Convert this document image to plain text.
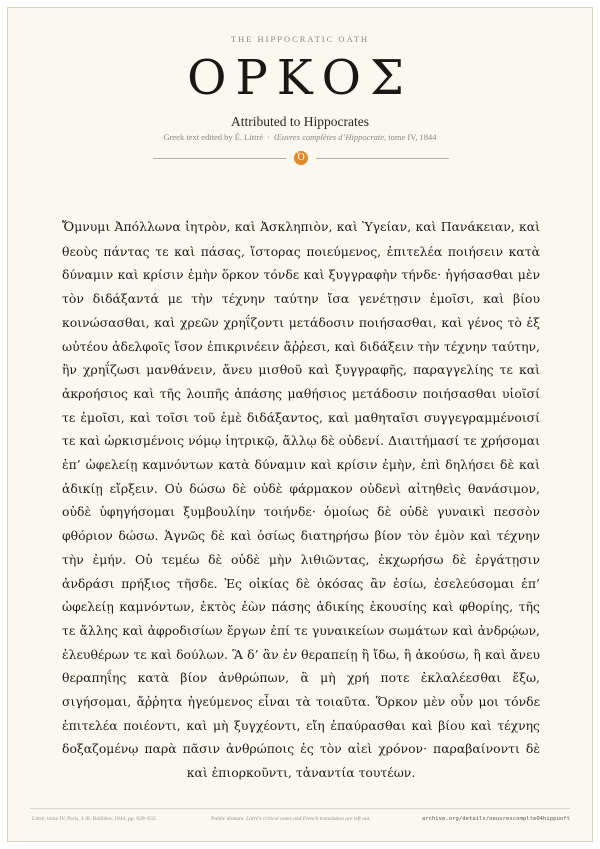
THE HIPPOCRATIC OATH
ΟΡΚΟΣ
Attributed to Hippocrates
Greek text edited by É. Littré · Œuvres complètes d’Hippocrate, tome IV, 1844
Ὁ
Ὄμνυμι Ἀπόλλωνα ἰητρὸν, καὶ Ἀσκληπιὸν, καὶ Ὑγείαν, καὶ Πανάκειαν, καὶ θεοὺς πάντας τε καὶ πάσας, ἵστορας ποιεύμενος, ἐπιτελέα ποιήσειν κατὰ δύναμιν καὶ κρίσιν ἐμὴν ὅρκον τόνδε καὶ ξυγγραφὴν τήνδε· ἡγήσασθαι μὲν τὸν διδάξαντά με τὴν τέχνην ταύτην ἴσα γενέτῃσιν ἐμοῖσι, καὶ βίου κοινώσασθαι, καὶ χρεῶν χρηΐζοντι μετάδοσιν ποιήσασθαι, καὶ γένος τὸ ἐξ ωὐτέου ἀδελφοῖς ἴσον ἐπικρινέειν ἄῤῥεσι, καὶ διδάξειν τὴν τέχνην ταύτην, ἢν χρηΐζωσι μανθάνειν, ἄνευ μισθοῦ καὶ ξυγγραφῆς, παραγγελίης τε καὶ ἀκροήσιος καὶ τῆς λοιπῆς ἁπάσης μαθήσιος μετάδοσιν ποιήσασθαι υἱοῖσί τε ἐμοῖσι, καὶ τοῖσι τοῦ ἐμὲ διδάξαντος, καὶ μαθηταῖσι συγγεγραμμένοισί τε καὶ ὡρκισμένοις νόμῳ ἰητρικῷ, ἄλλῳ δὲ οὐδενί. Διαιτήμασί τε χρήσομαι ἐπ’ ὠφελείῃ καμνόντων κατὰ δύναμιν καὶ κρίσιν ἐμὴν, ἐπὶ δηλήσει δὲ καὶ ἀδικίῃ εἴρξειν. Οὐ δώσω δὲ οὐδὲ φάρμακον οὐδενὶ αἰτηθεὶς θανάσιμον, οὐδὲ ὑφηγήσομαι ξυμβουλίην τοιήνδε· ὁμοίως δὲ οὐδὲ γυναικὶ πεσσὸν φθόριον δώσω. Ἁγνῶς δὲ καὶ ὁσίως διατηρήσω βίον τὸν ἐμὸν καὶ τέχνην τὴν ἐμήν. Οὐ τεμέω δὲ οὐδὲ μὴν λιθιῶντας, ἐκχωρήσω δὲ ἐργάτῃσιν ἀνδράσι πρήξιος τῆσδε. Ἐς οἰκίας δὲ ὁκόσας ἂν ἐσίω, ἐσελεύσομαι ἐπ’ ὠφελείῃ καμνόντων, ἐκτὸς ἐὼν πάσης ἀδικίης ἑκουσίης καὶ φθορίης, τῆς τε ἄλλης καὶ ἀφροδισίων ἔργων ἐπί τε γυναικείων σωμάτων καὶ ἀνδρῴων, ἐλευθέρων τε καὶ δούλων. Ἃ δ’ ἂν ἐν θεραπείῃ ἢ ἴδω, ἢ ἀκούσω, ἢ καὶ ἄνευ θεραπηΐης κατὰ βίον ἀνθρώπων, ἃ μὴ χρή ποτε ἐκλαλέεσθαι ἔξω, σιγήσομαι, ἄῤῥητα ἡγεύμενος εἶναι τὰ τοιαῦτα. Ὅρκον μὲν οὖν μοι τόνδε ἐπιτελέα ποιέοντι, καὶ μὴ ξυγχέοντι, εἴη ἐπαύρασθαι καὶ βίου καὶ τέχνης δοξαζομένῳ παρὰ πᾶσιν ἀνθρώποις ἐς τὸν αἰεὶ χρόνον· παραβαίνοντι δὲ καὶ ἐπιορκοῦντι, τἀναντία τουτέων.
Littré, tome IV, Paris, J.-B. Baillière, 1844, pp. 628–632.	Public domain. Littré’s critical notes and French translation are left out.	archive.org/details/oeuvrescomplte04hippuoft
